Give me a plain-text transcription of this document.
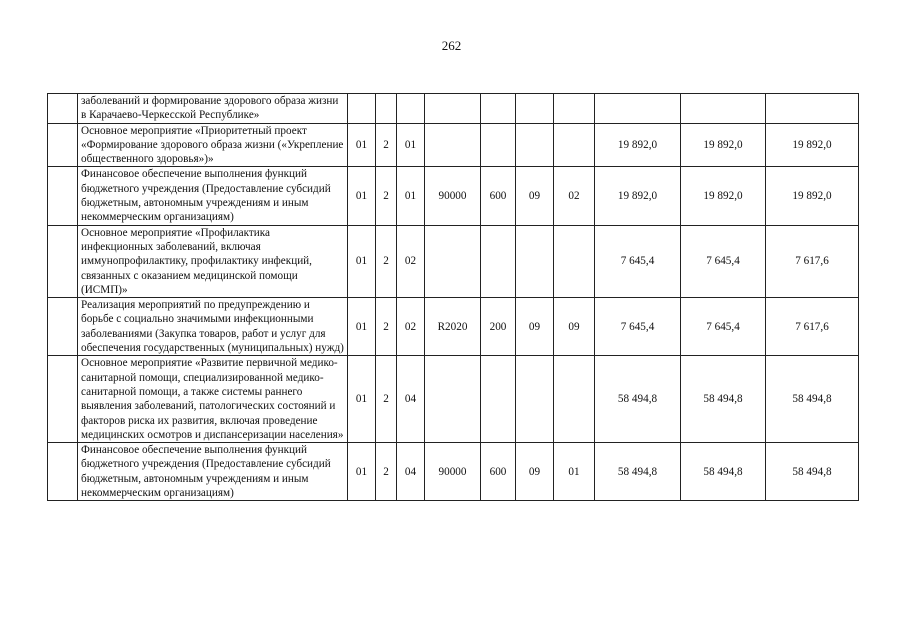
262
	заболеваний и формирование здорового образа жизни в Карачаево-Черкесской Республике»										
	Основное мероприятие «Приоритетный проект «Формирование здорового образа жизни («Укрепление общественного здоровья»)»	01	2	01					19 892,0	19 892,0	19 892,0
	Финансовое обеспечение выполнения функций бюджетного учреждения (Предоставление субсидий бюджетным, автономным учреждениям и иным некоммерческим организациям)	01	2	01	90000	600	09	02	19 892,0	19 892,0	19 892,0
	Основное мероприятие «Профилактика инфекционных заболеваний, включая иммунопрофилактику, профилактику инфекций, связанных с оказанием медицинской помощи (ИСМП)»	01	2	02					7 645,4	7 645,4	7 617,6
	Реализация мероприятий по предупреждению и борьбе с социально значимыми инфекционными заболеваниями (Закупка товаров, работ и услуг для обеспечения государственных (муниципальных) нужд)	01	2	02	R2020	200	09	09	7 645,4	7 645,4	7 617,6
	Основное мероприятие «Развитие первичной медико-санитарной помощи, специализированной медико-санитарной помощи, а также системы раннего выявления заболеваний, патологических состояний и факторов риска их развития, включая проведение медицинских осмотров и диспансеризации населения»	01	2	04					58 494,8	58 494,8	58 494,8
	Финансовое обеспечение выполнения функций бюджетного учреждения (Предоставление субсидий бюджетным, автономным учреждениям и иным некоммерческим организациям)	01	2	04	90000	600	09	01	58 494,8	58 494,8	58 494,8
